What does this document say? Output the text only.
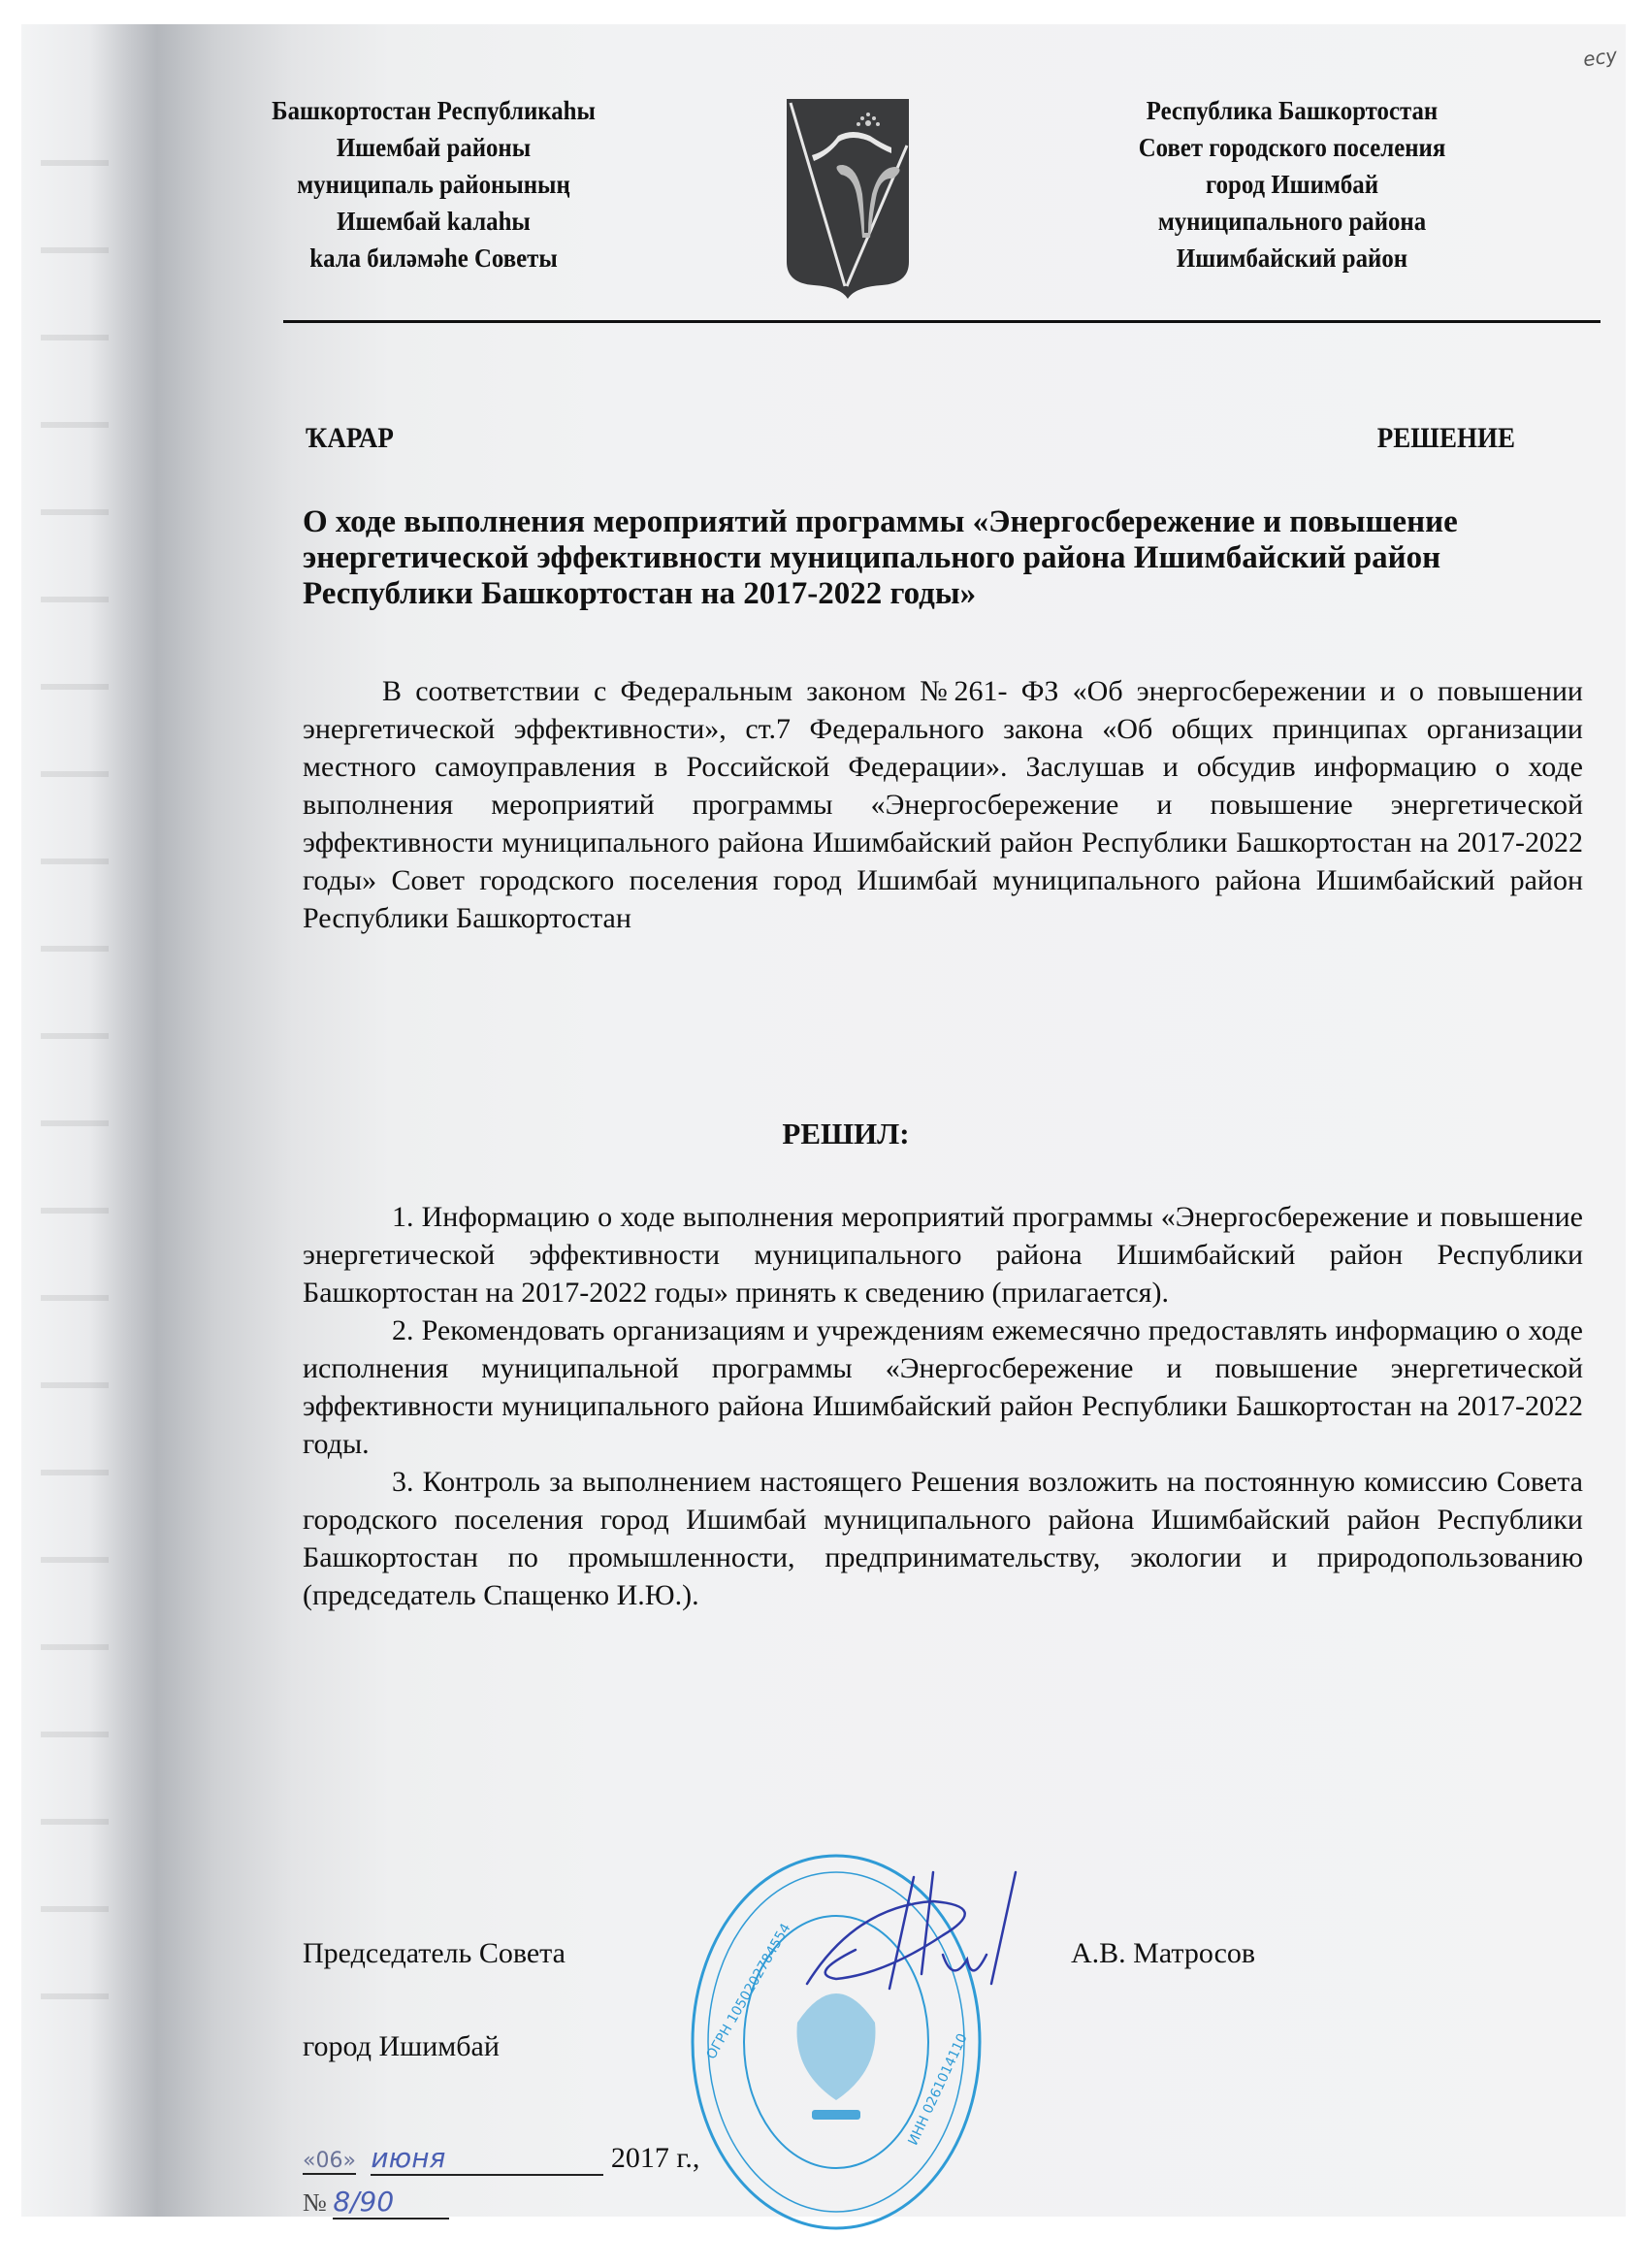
ecy
Башкортостан Республикаһы
Ишембай районы
муниципаль районының
Ишембай kалаһы
kала биләмәһе Советы
Республика Башкортостан
Совет городского поселения
город Ишимбай
муниципального района
Ишимбайский район
ҠАРАР	РЕШЕНИЕ
О ходе выполнения мероприятий программы «Энергосбережение и повышение энергетической эффективности муниципального района Ишимбайский район Республики Башкортостан на 2017-2022 годы»
В соответствии с Федеральным законом №261- ФЗ «Об энергосбережении и о повышении энергетической эффективности», ст.7 Федерального закона «Об общих принципах организации местного самоуправления в Российской Федерации». Заслушав и обсудив информацию о ходе выполнения мероприятий программы «Энергосбережение и повышение энергетической эффективности муниципального района Ишимбайский район Республики Башкортостан на 2017-2022 годы» Совет городского поселения город Ишимбай муниципального района Ишимбайский район Республики Башкортостан
РЕШИЛ:
1. Информацию о ходе выполнения мероприятий программы «Энергосбережение и повышение энергетической эффективности муниципального района Ишимбайский район Республики Башкортостан на 2017-2022 годы» принять к сведению (прилагается).
2. Рекомендовать организациям и учреждениям ежемесячно предоставлять информацию о ходе исполнения муниципальной программы «Энергосбережение и повышение энергетической эффективности муниципального района Ишимбайский район Республики Башкортостан на 2017-2022 годы.
3. Контроль за выполнением настоящего Решения возложить на постоянную комиссию Совета городского поселения город Ишимбай муниципального района Ишимбайский район Республики Башкортостан по промышленности, предпринимательству, экологии и природопользованию (председатель Спащенко И.Ю.).
Председатель Совета
город Ишимбай
А.В. Матросов
ОГРН 1050202784554
ИНН 0261014110
«06» июня	2017 г.,
№ 8/90
